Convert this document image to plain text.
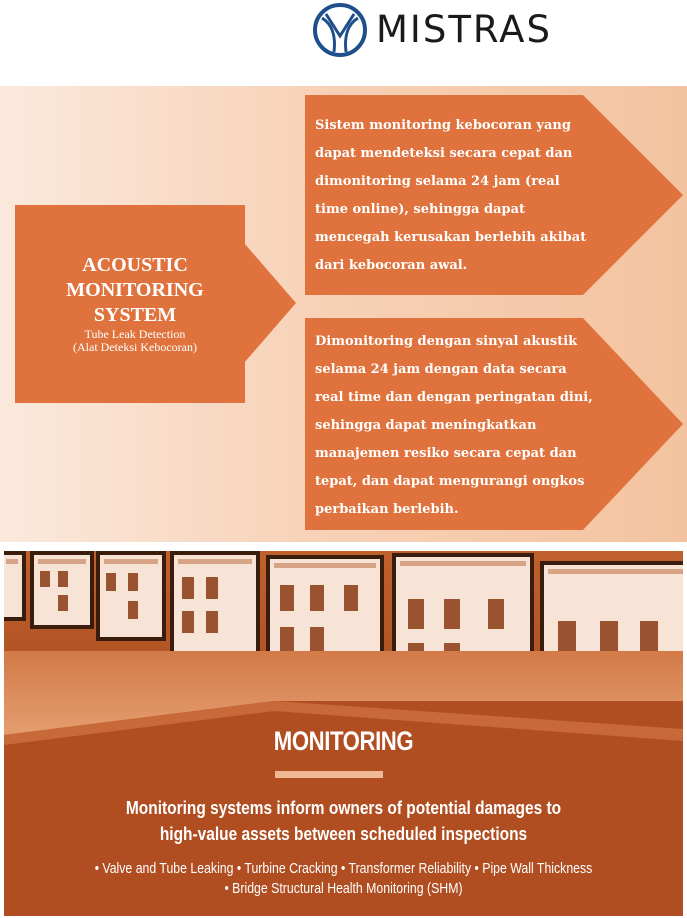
MISTRAS

ACOUSTIC

MONITORING

SYSTEM

Tube Leak Detection

(Alat Deteksi Kebocoran)

Sistem monitoring kebocoran yang
dapat mendeteksi secara cepat dan
dimonitoring selama 24 jam (real
time online), sehingga dapat
mencegah kerusakan berlebih akibat
dari kebocoran awal.
Dimonitoring dengan sinyal akustik
selama 24 jam dengan data secara
real time dan dengan peringatan dini,
sehingga dapat meningkatkan
manajemen resiko secara cepat dan
tepat, dan dapat mengurangi ongkos
perbaikan berlebih.
MONITORING
Monitoring systems inform owners of potential damages to
high-value assets between scheduled inspections
• Valve and Tube Leaking • Turbine Cracking • Transformer Reliability • Pipe Wall Thickness
• Bridge Structural Health Monitoring (SHM)
